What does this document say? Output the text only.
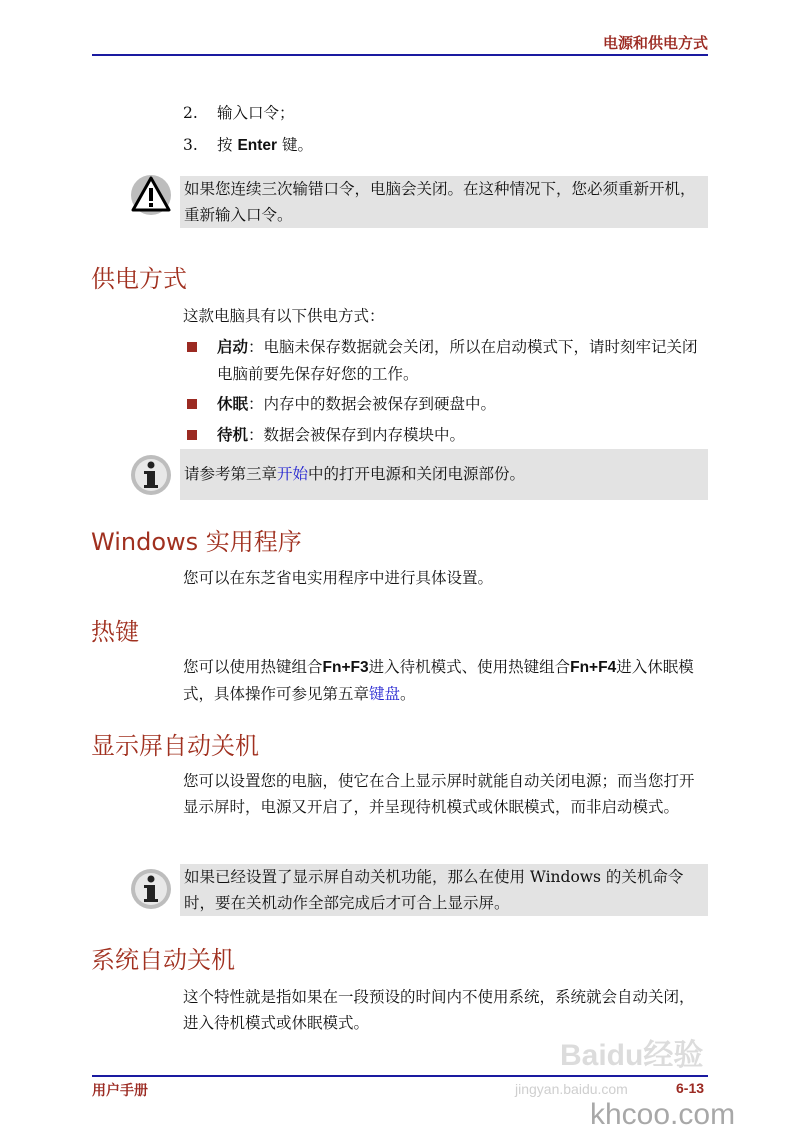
电源和供电方式
2. 输入口令；
3. 按 Enter 键。
如果您连续三次输错口令，电脑会关闭。在这种情况下，您必须重新开机，重新输入口令。
供电方式
这款电脑具有以下供电方式：
启动：电脑未保存数据就会关闭，所以在启动模式下，请时刻牢记关闭电脑前要先保存好您的工作。
休眠：内存中的数据会被保存到硬盘中。
待机：数据会被保存到内存模块中。
请参考第三章开始中的打开电源和关闭电源部份。
Windows 实用程序
您可以在东芝省电实用程序中进行具体设置。
热键
您可以使用热键组合Fn+F3进入待机模式、使用热键组合Fn+F4进入休眠模式，具体操作可参见第五章键盘。
显示屏自动关机
您可以设置您的电脑，使它在合上显示屏时就能自动关闭电源；而当您打开显示屏时，电源又开启了，并呈现待机模式或休眠模式，而非启动模式。
如果已经设置了显示屏自动关机功能，那么在使用 Windows 的关机命令时，要在关机动作全部完成后才可合上显示屏。
系统自动关机
这个特性就是指如果在一段预设的时间内不使用系统，系统就会自动关闭，进入待机模式或休眠模式。
Baidu经验
用户手册	jingyan.baidu.com	6-13
khcoo.com
